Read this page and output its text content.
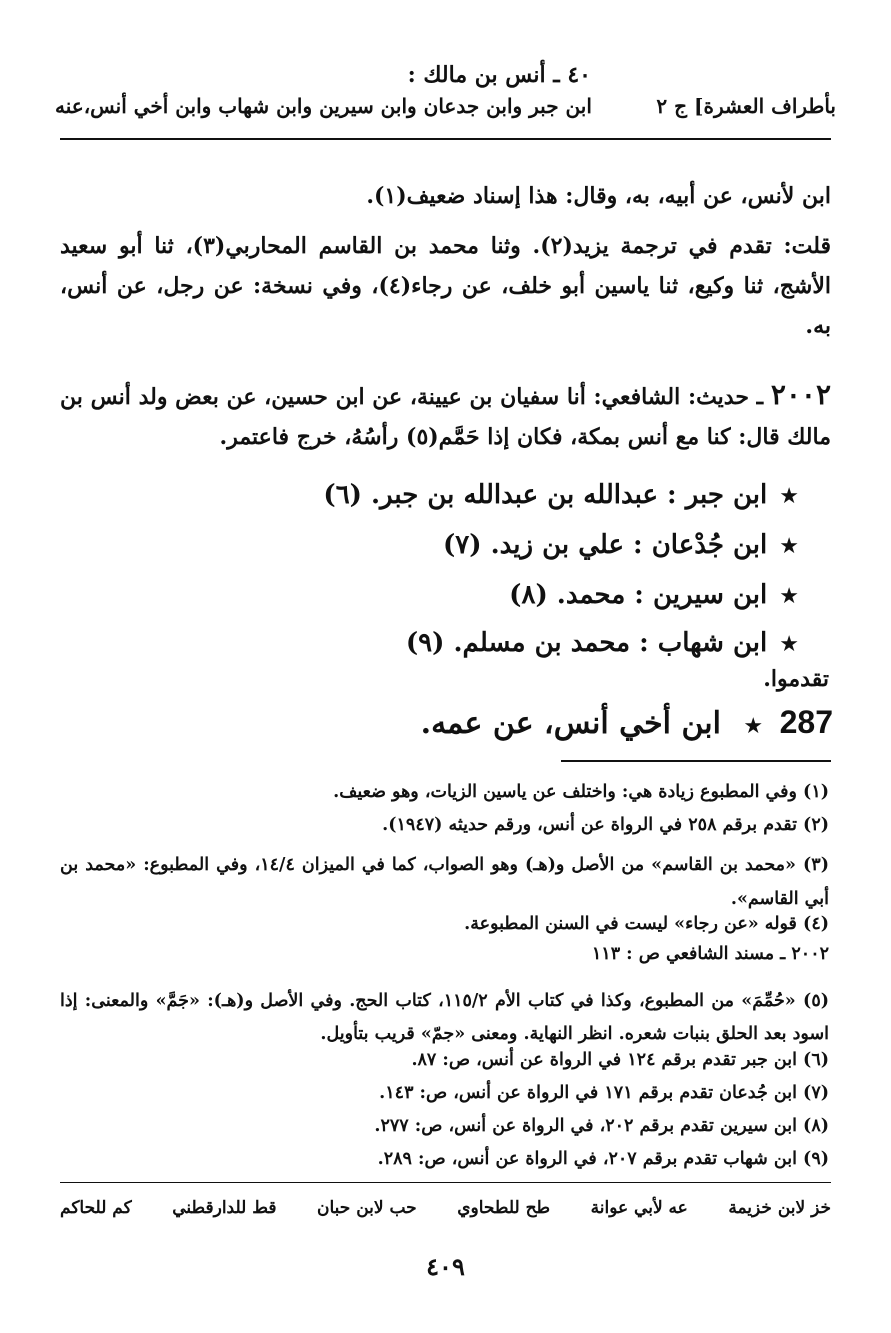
٤٠ ـ أنس بن مالك :
بأطراف العشرة] ج ٢
ابن جبر وابن جدعان وابن سيرين وابن شهاب وابن أخي أنس،عنه
ابن لأنس، عن أبيه، به، وقال: هذا إسناد ضعيف(١).
قلت: تقدم في ترجمة يزيد(٢). وثنا محمد بن القاسم المحاربي(٣)، ثنا أبو سعيد الأشج، ثنا وكيع، ثنا ياسين أبو خلف، عن رجاء(٤)، وفي نسخة: عن رجل، عن أنس، به.
٢٠٠٢ ـ حديث: الشافعي: أنا سفيان بن عيينة، عن ابن حسين، عن بعض ولد أنس بن مالك قال: كنا مع أنس بمكة، فكان إذا حَمَّم(٥) رأسُهُ، خرج فاعتمر.
★ابن جبر : عبدالله بن عبدالله بن جبر. (٦)
★ابن جُدْعان : علي بن زيد. (٧)
★ابن سيرين : محمد. (٨)
★ابن شهاب : محمد بن مسلم. (٩)
تقدموا.
287 ★ ابن أخي أنس، عن عمه.
(١) وفي المطبوع زيادة هي: واختلف عن ياسين الزيات، وهو ضعيف.
(٢) تقدم برقم ٢٥٨ في الرواة عن أنس، ورقم حديثه (١٩٤٧).
(٣) «محمد بن القاسم» من الأصل و(هـ) وهو الصواب، كما في الميزان ١٤/٤، وفي المطبوع: «محمد بن أبي القاسم».
(٤) قوله «عن رجاء» ليست في السنن المطبوعة.
٢٠٠٢ ـ مسند الشافعي ص : ١١٣
(٥) «حُمِّمَ» من المطبوع، وكذا في كتاب الأم ١١٥/٢، كتاب الحج. وفي الأصل و(هـ): «جَمَّ» والمعنى: إذا اسود بعد الحلق بنبات شعره. انظر النهاية. ومعنى «جمّ» قريب بتأويل.
(٦) ابن جبر تقدم برقم ١٢٤ في الرواة عن أنس، ص: ٨٧.
(٧) ابن جُدعان تقدم برقم ١٧١ في الرواة عن أنس، ص: ١٤٣.
(٨) ابن سيرين تقدم برقم ٢٠٢، في الرواة عن أنس، ص: ٢٧٧.
(٩) ابن شهاب تقدم برقم ٢٠٧، في الرواة عن أنس، ص: ٢٨٩.
خز لابن خزيمة
عه لأبي عوانة
طح للطحاوي
حب لابن حبان
قط للدارقطني
كم للحاكم
٤٠٩
